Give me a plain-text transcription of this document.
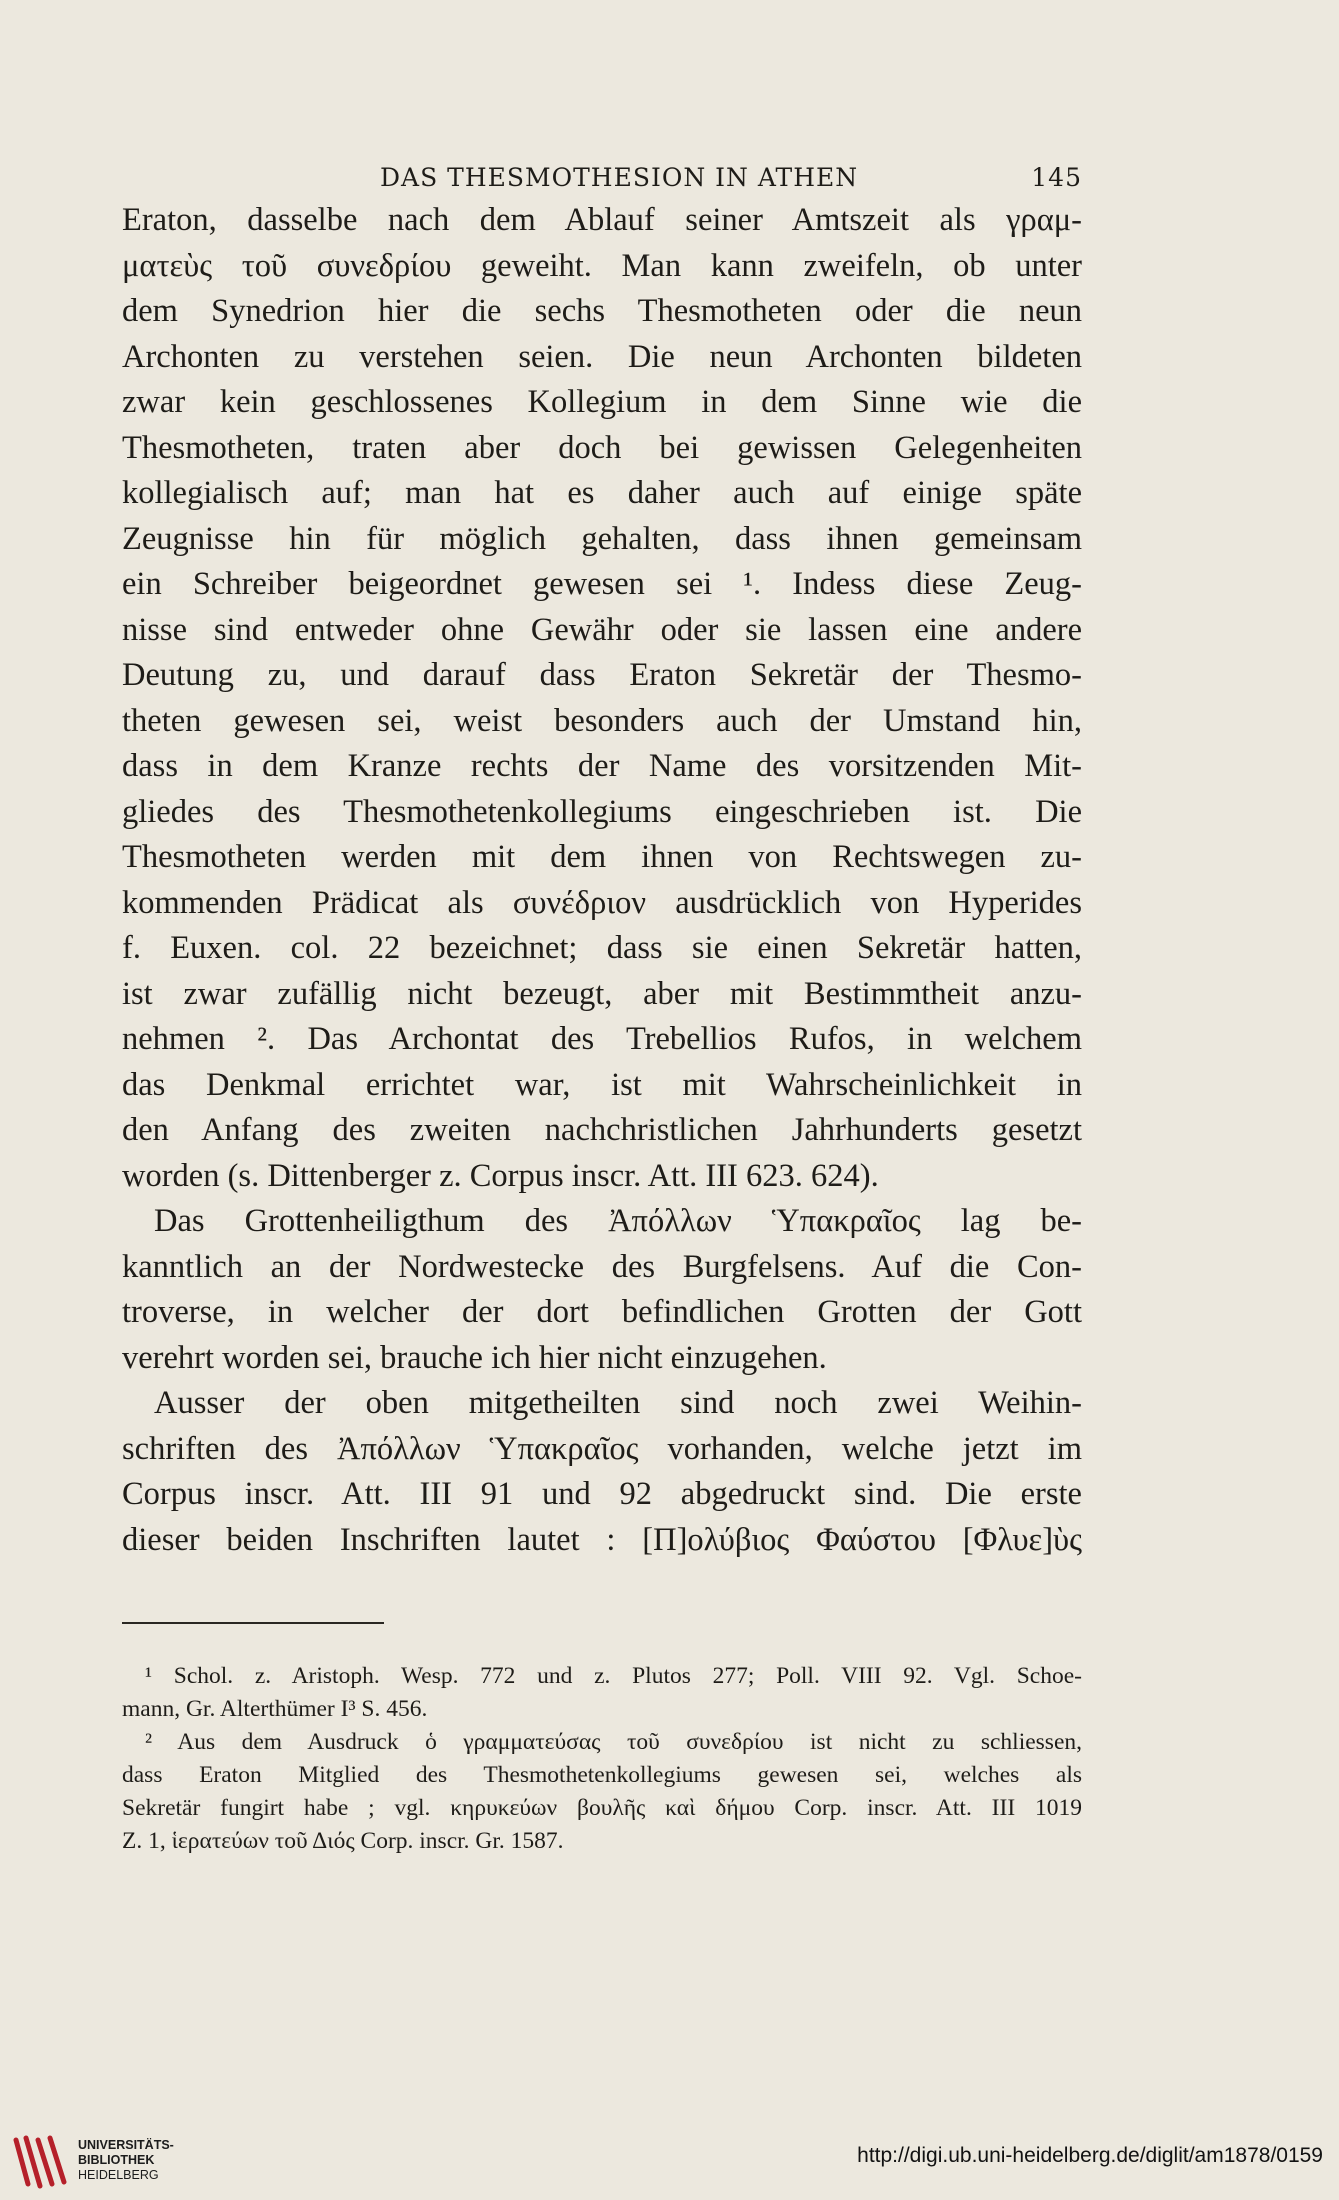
DAS THESMOTHESION IN ATHEN	145
Eraton, dasselbe nach dem Ablauf seiner Amtszeit als γραμ-
ματεὺς τοῦ συνεδρίου geweiht. Man kann zweifeln, ob unter
dem Synedrion hier die sechs Thesmotheten oder die neun
Archonten zu verstehen seien. Die neun Archonten bildeten
zwar kein geschlossenes Kollegium in dem Sinne wie die
Thesmotheten, traten aber doch bei gewissen Gelegenheiten
kollegialisch auf; man hat es daher auch auf einige späte
Zeugnisse hin für möglich gehalten, dass ihnen gemeinsam
ein Schreiber beigeordnet gewesen sei ¹. Indess diese Zeug-
nisse sind entweder ohne Gewähr oder sie lassen eine andere
Deutung zu, und darauf dass Eraton Sekretär der Thesmo-
theten gewesen sei, weist besonders auch der Umstand hin,
dass in dem Kranze rechts der Name des vorsitzenden Mit-
gliedes des Thesmothetenkollegiums eingeschrieben ist. Die
Thesmotheten werden mit dem ihnen von Rechtswegen zu-
kommenden Prädicat als συνέδριον ausdrücklich von Hyperides
f. Euxen. col. 22 bezeichnet; dass sie einen Sekretär hatten,
ist zwar zufällig nicht bezeugt, aber mit Bestimmtheit anzu-
nehmen ². Das Archontat des Trebellios Rufos, in welchem
das Denkmal errichtet war, ist mit Wahrscheinlichkeit in
den Anfang des zweiten nachchristlichen Jahrhunderts gesetzt
worden (s. Dittenberger z. Corpus inscr. Att. III 623. 624).
Das Grottenheiligthum des Ἀπόλλων Ὑπακραῖος lag be-
kanntlich an der Nordwestecke des Burgfelsens. Auf die Con-
troverse, in welcher der dort befindlichen Grotten der Gott
verehrt worden sei, brauche ich hier nicht einzugehen.
Ausser der oben mitgetheilten sind noch zwei Weihin-
schriften des Ἀπόλλων Ὑπακραῖος vorhanden, welche jetzt im
Corpus inscr. Att. III 91 und 92 abgedruckt sind. Die erste
dieser beiden Inschriften lautet : [Π]ολύβιος Φαύστου [Φλυε]ὺς
¹ Schol. z. Aristoph. Wesp. 772 und z. Plutos 277; Poll. VIII 92. Vgl. Schoe-
mann, Gr. Alterthümer I³ S. 456.
² Aus dem Ausdruck ὁ γραμματεύσας τοῦ συνεδρίου ist nicht zu schliessen,
dass Eraton Mitglied des Thesmothetenkollegiums gewesen sei, welches als
Sekretär fungirt habe ; vgl. κηρυκεύων βουλῆς καὶ δήμου Corp. inscr. Att. III 1019
Z. 1, ἱερατεύων τοῦ Διός Corp. inscr. Gr. 1587.
UNIVERSITÄTS-
BIBLIOTHEK
HEIDELBERG
http://digi.ub.uni-heidelberg.de/diglit/am1878/0159
